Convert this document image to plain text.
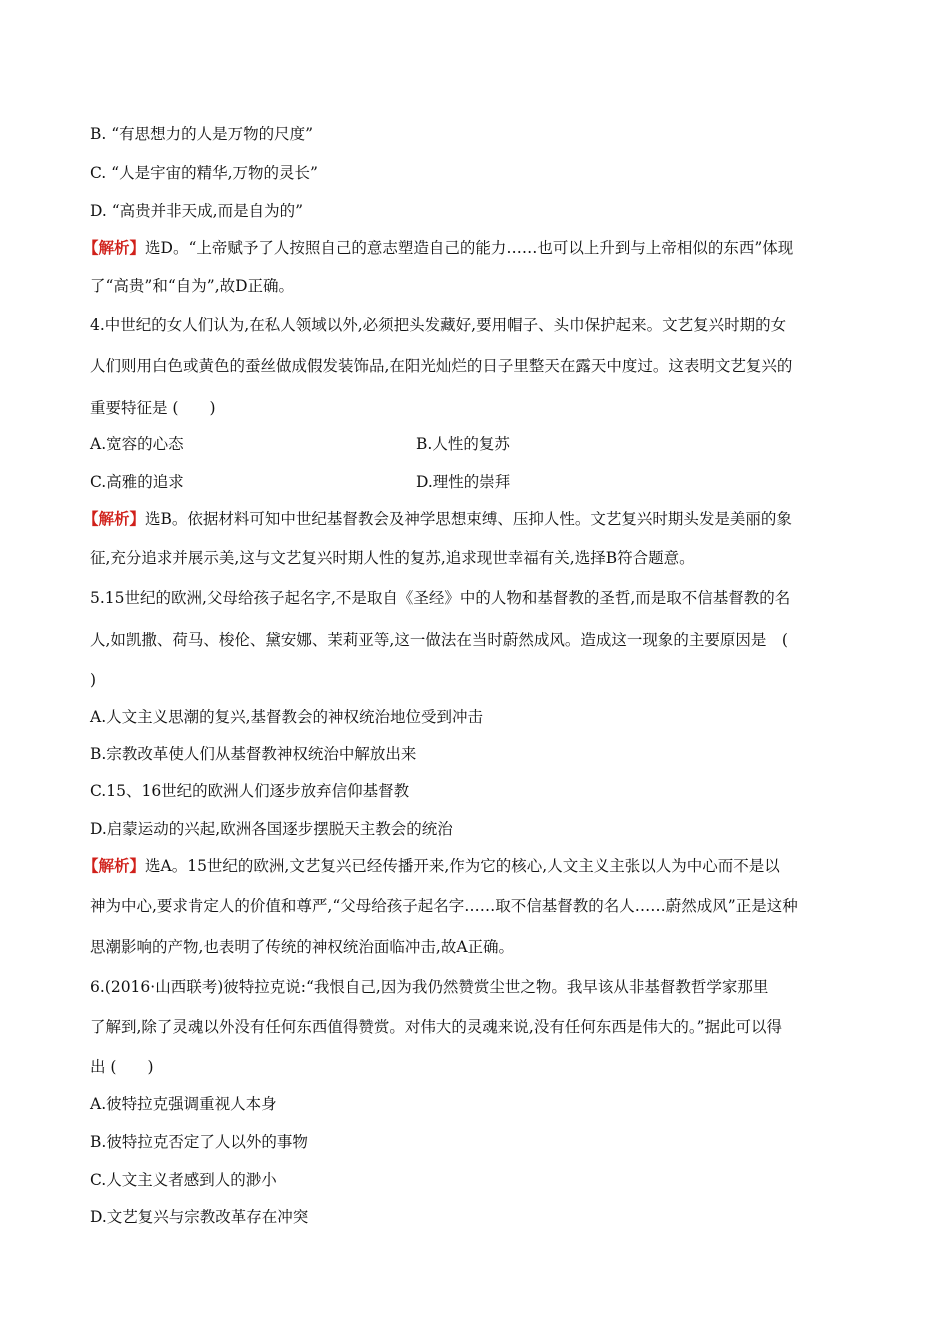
B. “有思想力的人是万物的尺度”
C. “人是宇宙的精华,万物的灵长”
D. “高贵并非天成,而是自为的”
【解析】选D。“上帝赋予了人按照自己的意志塑造自己的能力……也可以上升到与上帝相似的东西”体现
了“高贵”和“自为”,故D正确。
4.中世纪的女人们认为,在私人领域以外,必须把头发藏好,要用帽子、头巾保护起来。文艺复兴时期的女
人们则用白色或黄色的蚕丝做成假发装饰品,在阳光灿烂的日子里整天在露天中度过。这表明文艺复兴的
重要特征是 (　　)
A.宽容的心态	B.人性的复苏
C.高雅的追求	D.理性的崇拜
【解析】选B。依据材料可知中世纪基督教会及神学思想束缚、压抑人性。文艺复兴时期头发是美丽的象
征,充分追求并展示美,这与文艺复兴时期人性的复苏,追求现世幸福有关,选择B符合题意。
5.15世纪的欧洲,父母给孩子起名字,不是取自《圣经》中的人物和基督教的圣哲,而是取不信基督教的名
人,如凯撒、荷马、梭伦、黛安娜、茉莉亚等,这一做法在当时蔚然成风。造成这一现象的主要原因是　(
)
A.人文主义思潮的复兴,基督教会的神权统治地位受到冲击
B.宗教改革使人们从基督教神权统治中解放出来
C.15、16世纪的欧洲人们逐步放弃信仰基督教
D.启蒙运动的兴起,欧洲各国逐步摆脱天主教会的统治
【解析】选A。15世纪的欧洲,文艺复兴已经传播开来,作为它的核心,人文主义主张以人为中心而不是以
神为中心,要求肯定人的价值和尊严,“父母给孩子起名字……取不信基督教的名人……蔚然成风”正是这种
思潮影响的产物,也表明了传统的神权统治面临冲击,故A正确。
6.(2016·山西联考)彼特拉克说:“我恨自己,因为我仍然赞赏尘世之物。我早该从非基督教哲学家那里
了解到,除了灵魂以外没有任何东西值得赞赏。对伟大的灵魂来说,没有任何东西是伟大的。”据此可以得
出 (　　)
A.彼特拉克强调重视人本身
B.彼特拉克否定了人以外的事物
C.人文主义者感到人的渺小
D.文艺复兴与宗教改革存在冲突
